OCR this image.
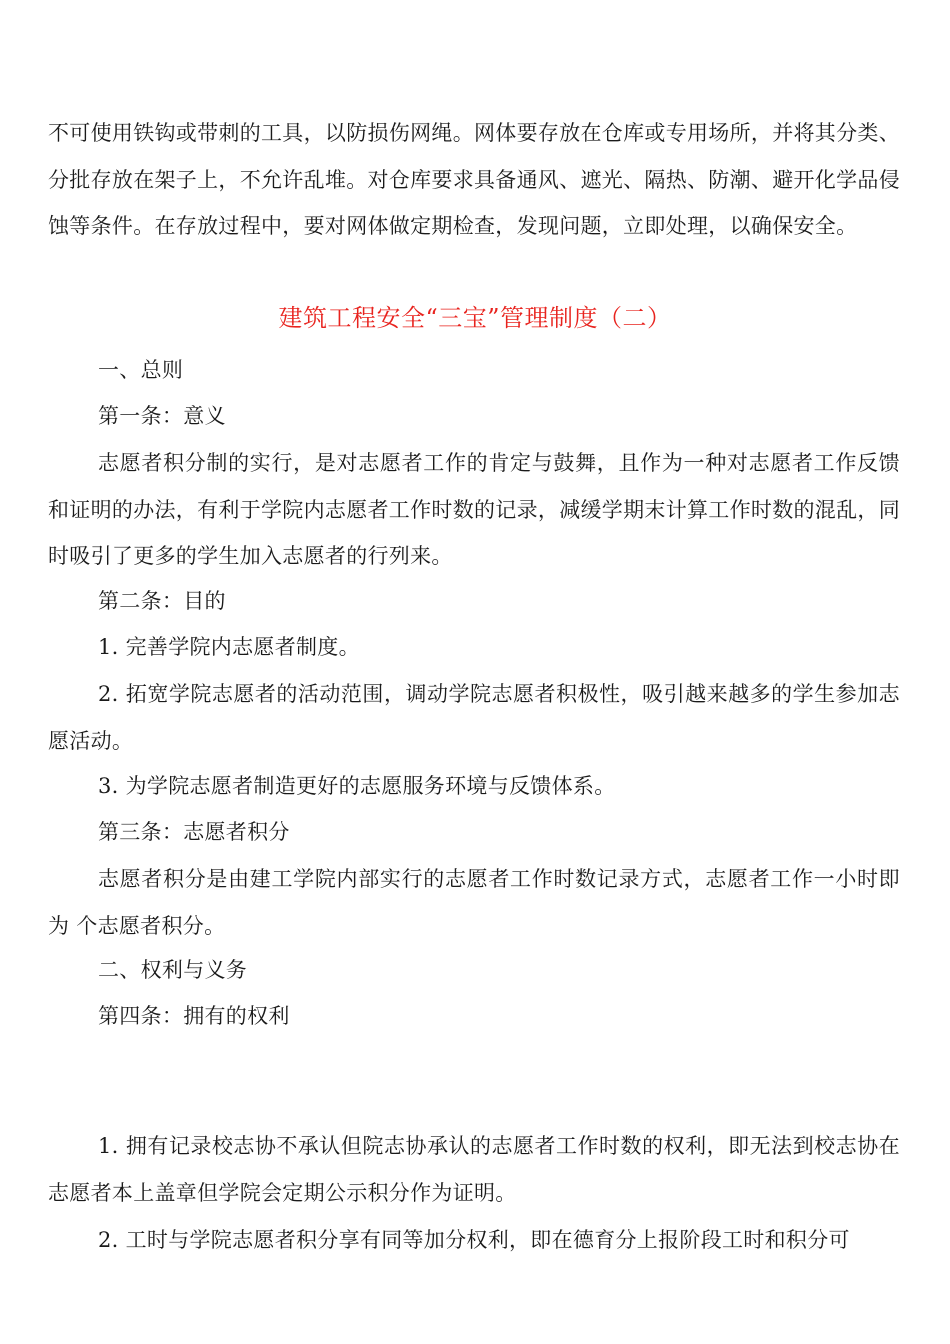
不可使用铁钩或带刺的工具，以防损伤网绳。网体要存放在仓库或专用场所，并将其分类、分批存放在架子上，不允许乱堆。对仓库要求具备通风、遮光、隔热、防潮、避开化学品侵蚀等条件。在存放过程中，要对网体做定期检查，发现问题，立即处理，以确保安全。
建筑工程安全“三宝”管理制度（二）
一、总则
第一条：意义
志愿者积分制的实行，是对志愿者工作的肯定与鼓舞，且作为一种对志愿者工作反馈和证明的办法，有利于学院内志愿者工作时数的记录，减缓学期末计算工作时数的混乱，同时吸引了更多的学生加入志愿者的行列来。
第二条：目的
1. 完善学院内志愿者制度。
2. 拓宽学院志愿者的活动范围，调动学院志愿者积极性，吸引越来越多的学生参加志愿活动。
3. 为学院志愿者制造更好的志愿服务环境与反馈体系。
第三条：志愿者积分
志愿者积分是由建工学院内部实行的志愿者工作时数记录方式，志愿者工作一小时即为 个志愿者积分。
二、权利与义务
第四条：拥有的权利
1. 拥有记录校志协不承认但院志协承认的志愿者工作时数的权利，即无法到校志协在志愿者本上盖章但学院会定期公示积分作为证明。
2. 工时与学院志愿者积分享有同等加分权利，即在德育分上报阶段工时和积分可
